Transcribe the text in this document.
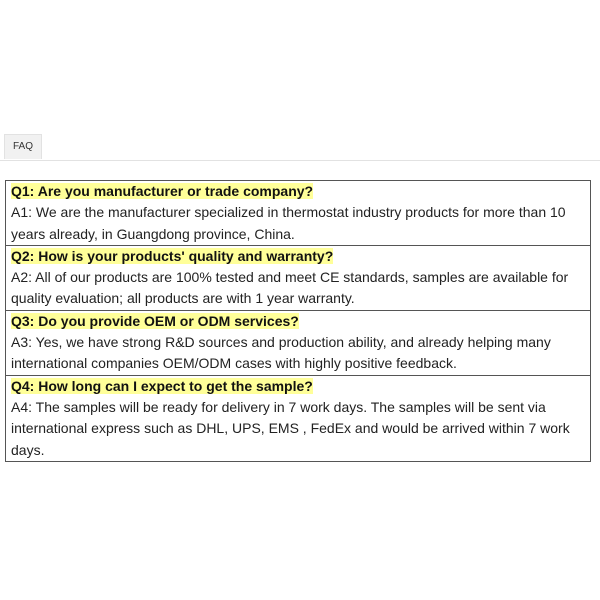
FAQ
Q1: Are you manufacturer or trade company?
A1: We are the manufacturer specialized in thermostat industry products for more than 10 years already, in Guangdong province, China.

Q2: How is your products' quality and warranty?
A2: All of our products are 100% tested and meet CE standards, samples are available for quality evaluation; all products are with 1 year warranty.

Q3: Do you provide OEM or ODM services?
A3: Yes, we have strong R&D sources and production ability, and already helping many international companies OEM/ODM cases with highly positive feedback.

Q4: How long can I expect to get the sample?
A4: The samples will be ready for delivery in 7 work days. The samples will be sent via international express such as DHL, UPS, EMS , FedEx and would be arrived within 7 work days.
